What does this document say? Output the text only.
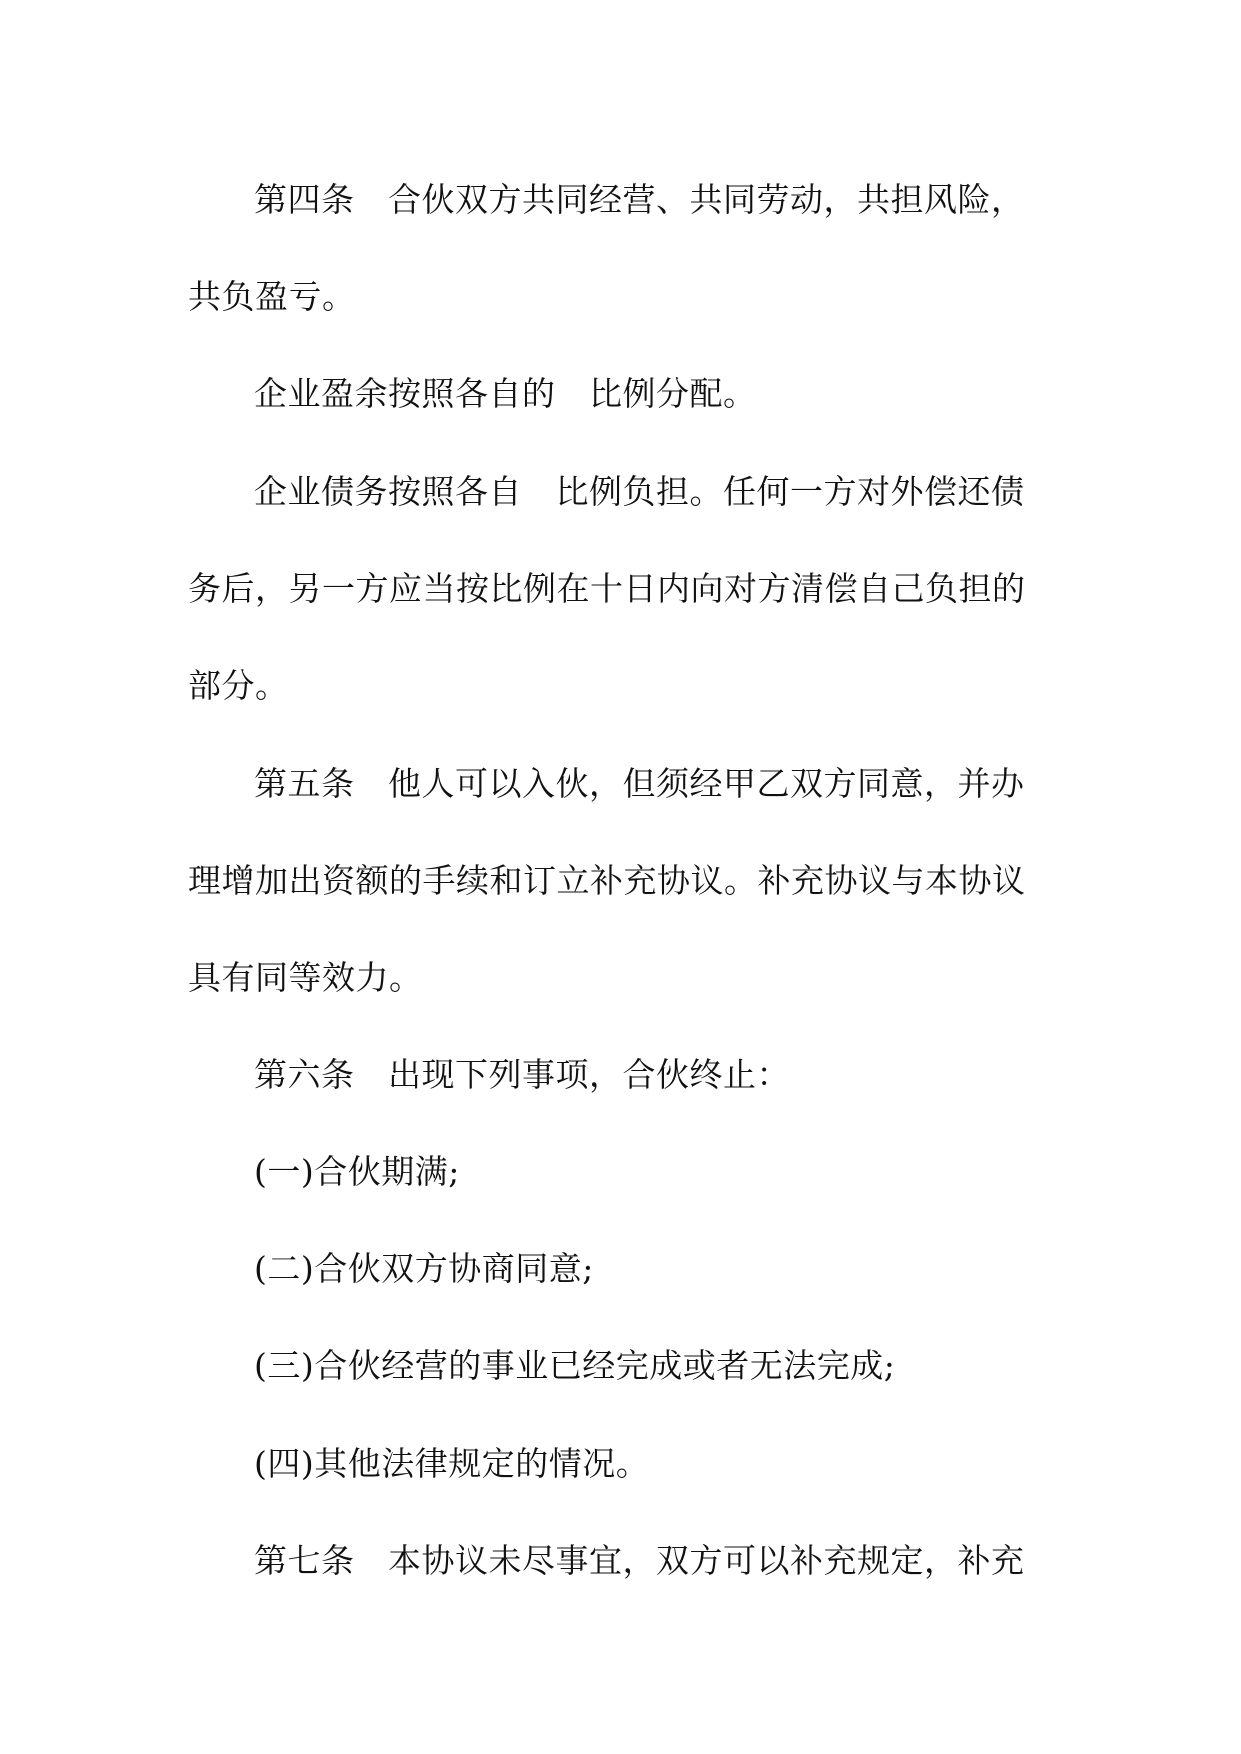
第四条　合伙双方共同经营、共同劳动，共担风险，
共负盈亏。
企业盈余按照各自的　比例分配。
企业债务按照各自　比例负担。任何一方对外偿还债
务后，另一方应当按比例在十日内向对方清偿自己负担的
部分。
第五条　他人可以入伙，但须经甲乙双方同意，并办
理增加出资额的手续和订立补充协议。补充协议与本协议
具有同等效力。
第六条　出现下列事项，合伙终止：
(一)合伙期满;
(二)合伙双方协商同意;
(三)合伙经营的事业已经完成或者无法完成;
(四)其他法律规定的情况。
第七条　本协议未尽事宜，双方可以补充规定，补充
